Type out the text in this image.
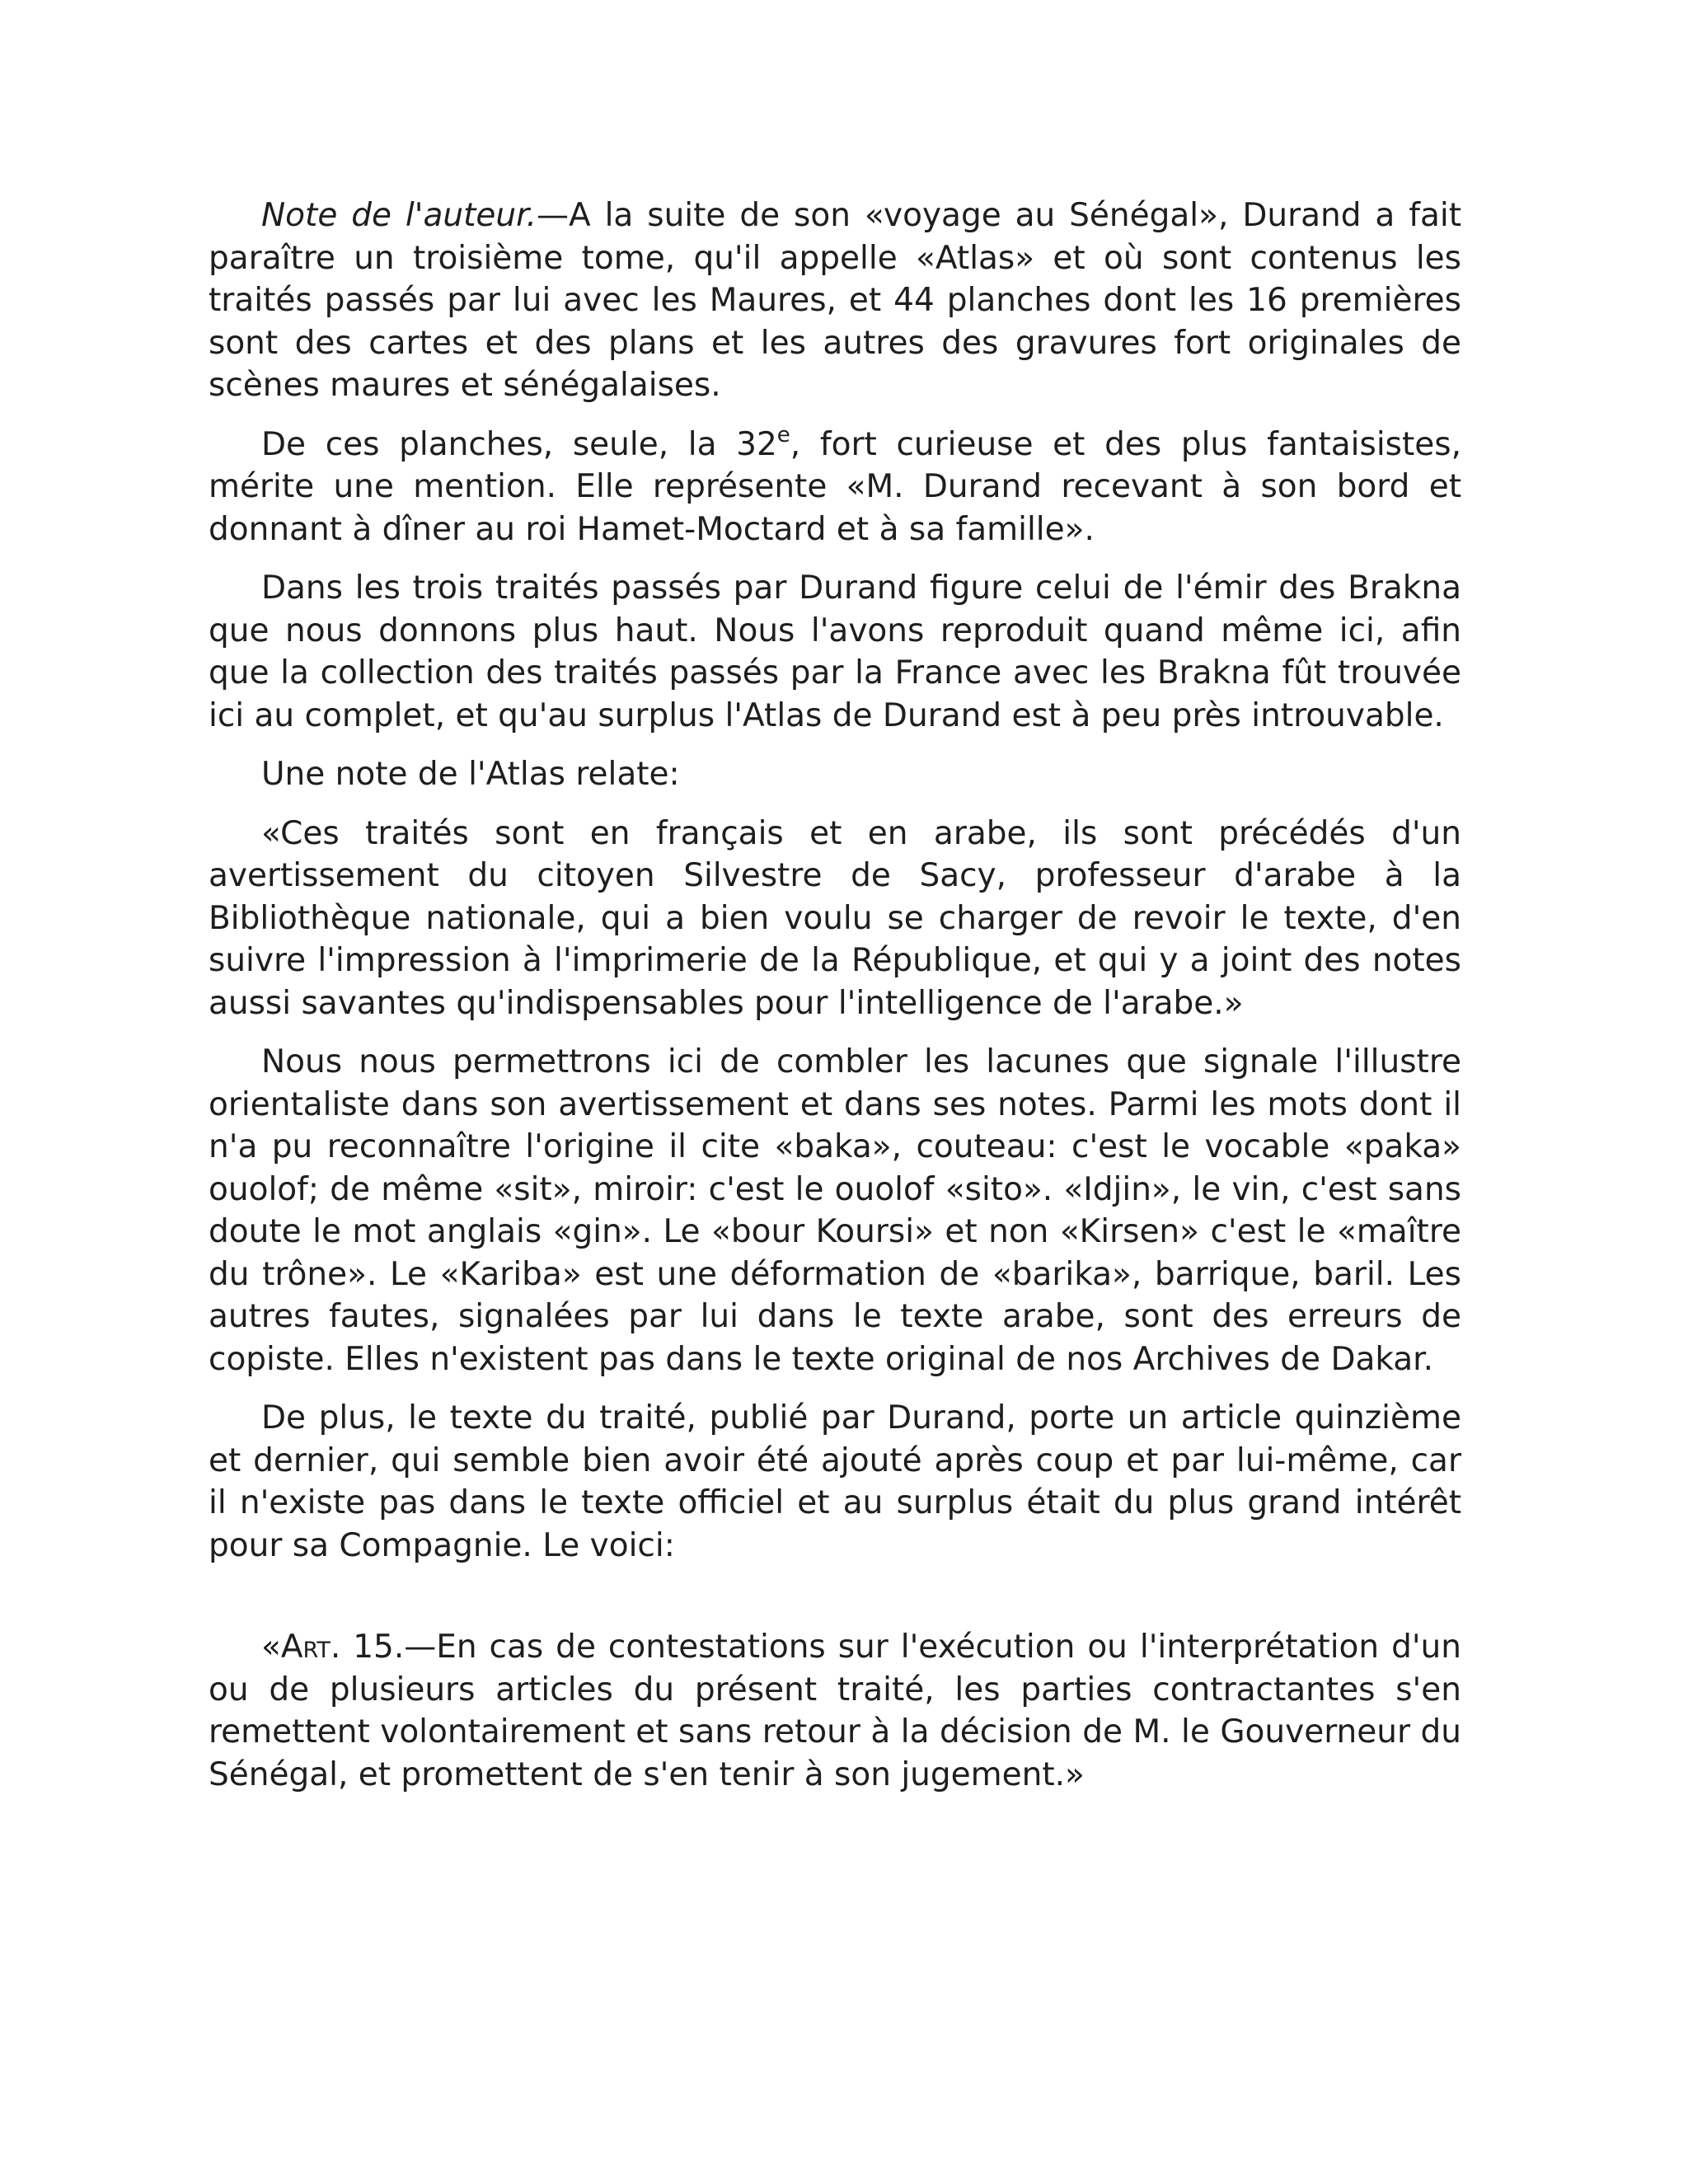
Note de l'auteur.—A la suite de son «voyage au Sénégal», Durand a fait paraître un troisième tome, qu'il appelle «Atlas» et où sont contenus les traités passés par lui avec les Maures, et 44 planches dont les 16 premières sont des cartes et des plans et les autres des gravures fort originales de scènes maures et sénégalaises.

De ces planches, seule, la 32e, fort curieuse et des plus fantaisistes, mérite une mention. Elle représente «M. Durand recevant à son bord et donnant à dîner au roi Hamet-Moctard et à sa famille».

Dans les trois traités passés par Durand figure celui de l'émir des Brakna que nous donnons plus haut. Nous l'avons reproduit quand même ici, afin que la collection des traités passés par la France avec les Brakna fût trouvée ici au complet, et qu'au surplus l'Atlas de Durand est à peu près introuvable.

Une note de l'Atlas relate:

«Ces traités sont en français et en arabe, ils sont précédés d'un avertissement du citoyen Silvestre de Sacy, professeur d'arabe à la Bibliothèque nationale, qui a bien voulu se charger de revoir le texte, d'en suivre l'impression à l'imprimerie de la République, et qui y a joint des notes aussi savantes qu'indispensables pour l'intelligence de l'arabe.»

Nous nous permettrons ici de combler les lacunes que signale l'illustre orientaliste dans son avertissement et dans ses notes. Parmi les mots dont il n'a pu reconnaître l'origine il cite «baka», couteau: c'est le vocable «paka» ouolof; de même «sit», miroir: c'est le ouolof «sito». «Idjin», le vin, c'est sans doute le mot anglais «gin». Le «bour Koursi» et non «Kirsen» c'est le «maître du trône». Le «Kariba» est une déformation de «barika», barrique, baril. Les autres fautes, signalées par lui dans le texte arabe, sont des erreurs de copiste. Elles n'existent pas dans le texte original de nos Archives de Dakar.

De plus, le texte du traité, publié par Durand, porte un article quinzième et dernier, qui semble bien avoir été ajouté après coup et par lui-même, car il n'existe pas dans le texte officiel et au surplus était du plus grand intérêt pour sa Compagnie. Le voici:

«Art. 15.—En cas de contestations sur l'exécution ou l'interprétation d'un ou de plusieurs articles du présent traité, les parties contractantes s'en remettent volontairement et sans retour à la décision de M. le Gouverneur du Sénégal, et promettent de s'en tenir à son jugement.»
